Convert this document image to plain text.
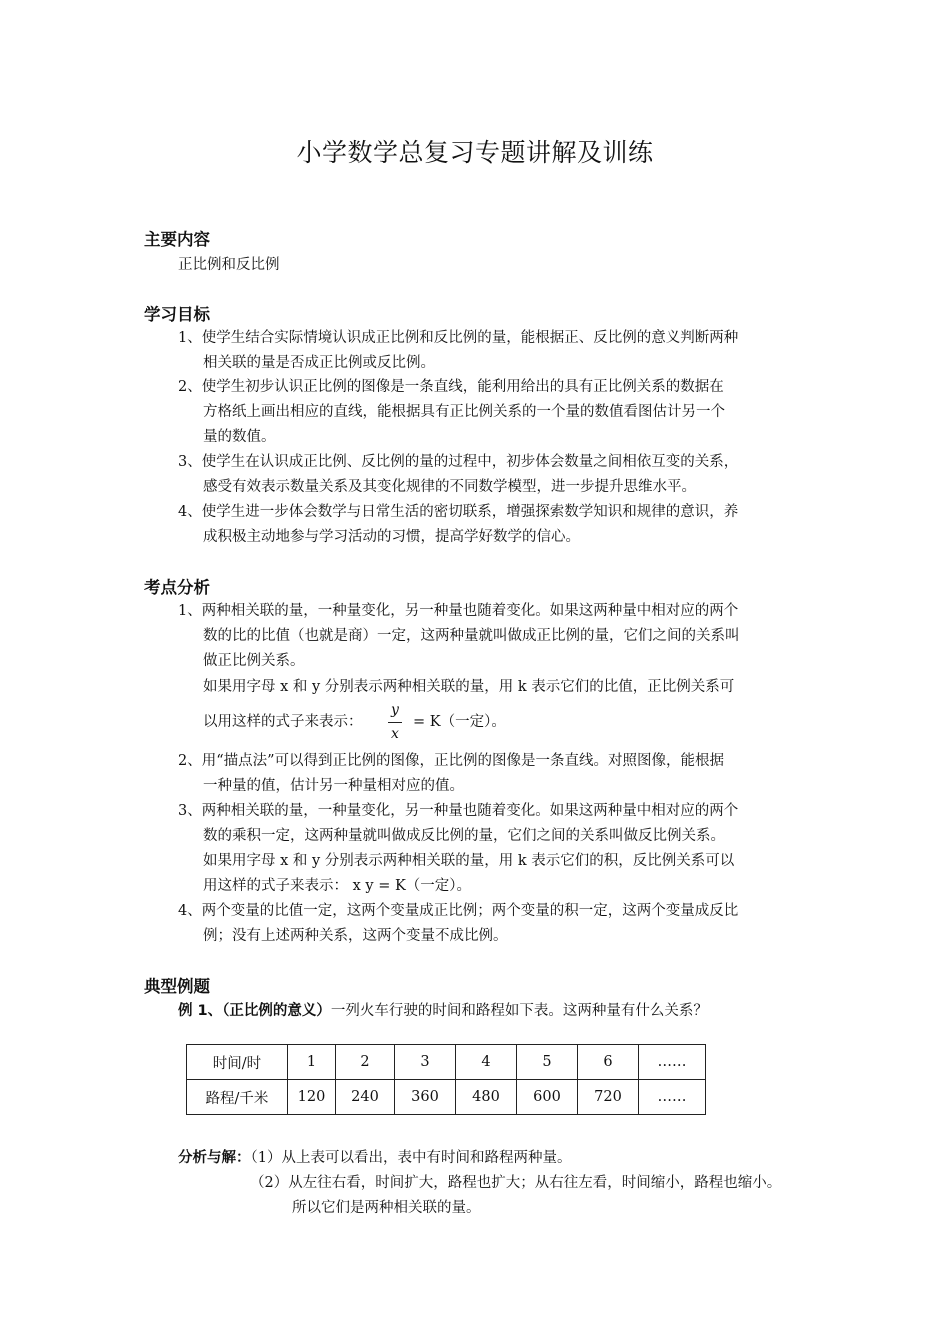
小学数学总复习专题讲解及训练
主要内容
正比例和反比例
学习目标
1、使学生结合实际情境认识成正比例和反比例的量，能根据正、反比例的意义判断两种
相关联的量是否成正比例或反比例。
2、使学生初步认识正比例的图像是一条直线，能利用给出的具有正比例关系的数据在
方格纸上画出相应的直线，能根据具有正比例关系的一个量的数值看图估计另一个
量的数值。
3、使学生在认识成正比例、反比例的量的过程中，初步体会数量之间相依互变的关系，
感受有效表示数量关系及其变化规律的不同数学模型，进一步提升思维水平。
4、使学生进一步体会数学与日常生活的密切联系，增强探索数学知识和规律的意识，养
成积极主动地参与学习活动的习惯，提高学好数学的信心。
考点分析
1、两种相关联的量，一种量变化，另一种量也随着变化。如果这两种量中相对应的两个
数的比的比值（也就是商）一定，这两种量就叫做成正比例的量，它们之间的关系叫
做正比例关系。
如果用字母 x 和 y 分别表示两种相关联的量，用 k 表示它们的比值，正比例关系可
以用这样的式子来表示：
y
x
= K（一定）。
2、用“描点法”可以得到正比例的图像，正比例的图像是一条直线。对照图像，能根据
一种量的值，估计另一种量相对应的值。
3、两种相关联的量，一种量变化，另一种量也随着变化。如果这两种量中相对应的两个
数的乘积一定，这两种量就叫做成反比例的量，它们之间的关系叫做反比例关系。
如果用字母 x 和 y 分别表示两种相关联的量，用 k 表示它们的积，反比例关系可以
用这样的式子来表示： x y = K（一定）。
4、两个变量的比值一定，这两个变量成正比例；两个变量的积一定，这两个变量成反比
例；没有上述两种关系，这两个变量不成比例。
典型例题
例 1、（正比例的意义）一列火车行驶的时间和路程如下表。这两种量有什么关系？
时间/时	1	2	3	4	5	6	……
路程/千米	120	240	360	480	600	720	……
分析与解：（1）从上表可以看出，表中有时间和路程两种量。
（2）从左往右看，时间扩大，路程也扩大；从右往左看，时间缩小，路程也缩小。
所以它们是两种相关联的量。
